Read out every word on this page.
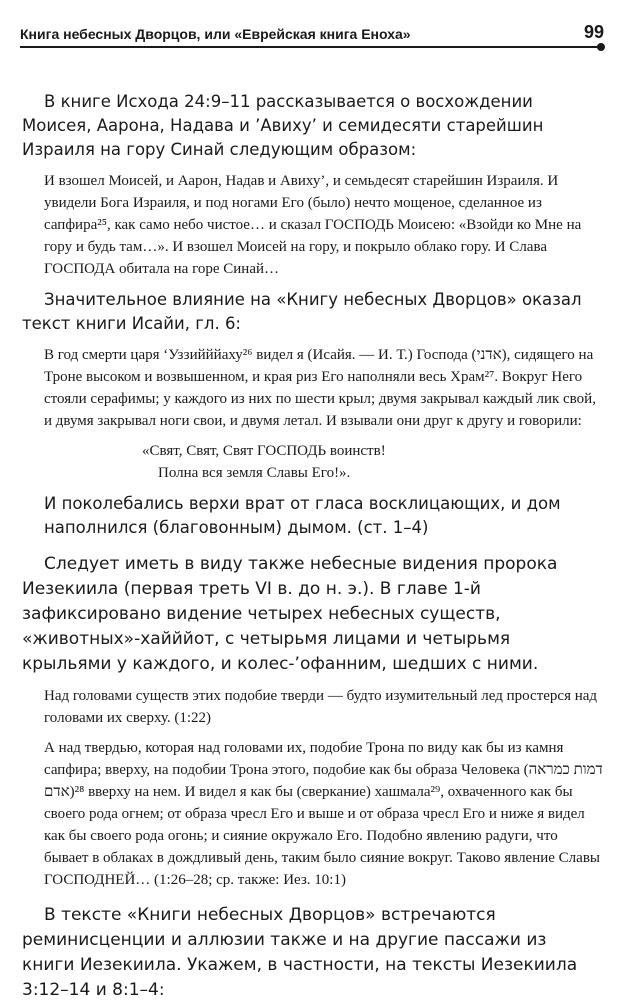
Книга небесных Дворцов, или «Еврейская книга Еноха»	99

В книге Исхода 24:9–11 рассказывается о восхождении Моисея, Аарона, Надава и ’Авиху’ и семидесяти старейшин Израиля на гору Синай следующим образом:

И взошел Моисей, и Аарон, Надав и Авиху’, и семьдесят старейшин Израиля. И увидели Бога Израиля, и под ногами Его (было) нечто мощеное, сделанное из сапфира²⁵, как само небо чистое… и сказал ГОСПОДЬ Моисею: «Взойди ко Мне на гору и будь там…». И взошел Моисей на гору, и покрыло облако гору. И Слава ГОСПОДА обитала на горе Синай…

Значительное влияние на «Книгу небесных Дворцов» оказал текст книги Исайи, гл. 6:

В год смерти царя ‘Уззийййаху²⁶ видел я (Исайя. — И. Т.) Господа (אדני), сидящего на Троне высоком и возвышенном, и края риз Его наполняли весь Храм²⁷. Вокруг Него стояли серафимы; у каждого из них по шести крыл; двумя закрывал каждый лик свой, и двумя закрывал ноги свои, и двумя летал. И взывали они друг к другу и говорили:

«Свят, Свят, Свят ГОСПОДЬ воинств!

Полна вся земля Славы Его!».

И поколебались верхи врат от гласа восклицающих, и дом наполнился (благовонным) дымом. (ст. 1–4)

Следует иметь в виду также небесные видения пророка Иезекиила (первая треть VI в. до н. э.). В главе 1-й зафиксировано видение четырех небесных существ, «животных»-хайййот, с четырьмя лицами и четырьмя крыльями у каждого, и колес-’офанним, шедших с ними.

Над головами существ этих подобие тверди — будто изумительный лед простерся над головами их сверху. (1:22)

А над твердью, которая над головами их, подобие Трона по виду как бы из камня сапфира; вверху, на подобии Трона этого, подобие как бы образа Человека (דמות כמראה אדם)²⁸ вверху на нем. И видел я как бы (сверкание) хашмала²⁹, охваченного как бы своего рода огнем; от образа чресл Его и выше и от образа чресл Его и ниже я видел как бы своего рода огонь; и сияние окружало Его. Подобно явлению радуги, что бывает в облаках в дождливый день, таким было сияние вокруг. Таково явление Славы ГОСПОДНЕЙ… (1:26–28; ср. также: Иез. 10:1)

В тексте «Книги небесных Дворцов» встречаются реминисценции и аллюзии также и на другие пассажи из книги Иезекиила. Укажем, в частности, на тексты Иезекиила 3:12–14 и 8:1–4:
